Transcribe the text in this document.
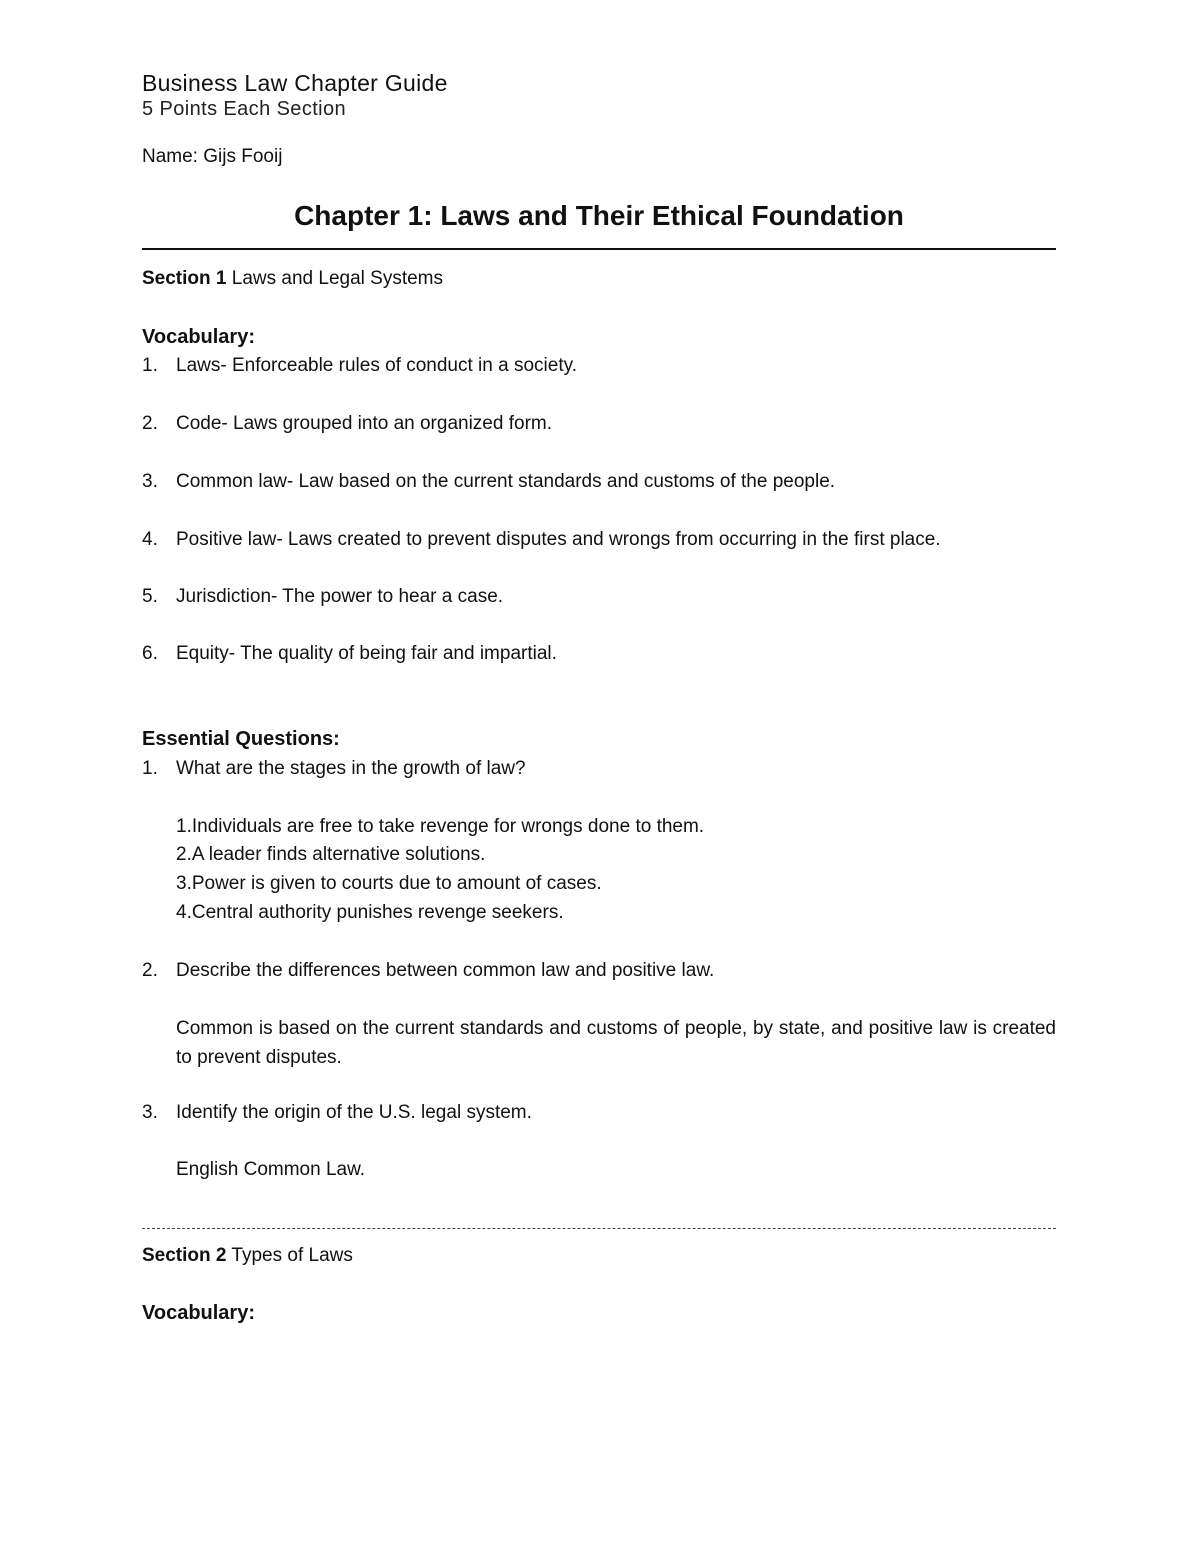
Business Law Chapter Guide
5 Points Each Section
Name: Gijs Fooij
Chapter 1: Laws and Their Ethical Foundation
Section 1 Laws and Legal Systems
Vocabulary:
1. Laws- Enforceable rules of conduct in a society.
2. Code- Laws grouped into an organized form.
3. Common law- Law based on the current standards and customs of the people.
4. Positive law- Laws created to prevent disputes and wrongs from occurring in the first place.
5. Jurisdiction- The power to hear a case.
6. Equity- The quality of being fair and impartial.
Essential Questions:
1. What are the stages in the growth of law?
1.Individuals are free to take revenge for wrongs done to them.
2.A leader finds alternative solutions.
3.Power is given to courts due to amount of cases.
4.Central authority punishes revenge seekers.
2. Describe the differences between common law and positive law.
Common is based on the current standards and customs of people, by state, and positive law is created to prevent disputes.
3. Identify the origin of the U.S. legal system.
English Common Law.
Section 2 Types of Laws
Vocabulary:
